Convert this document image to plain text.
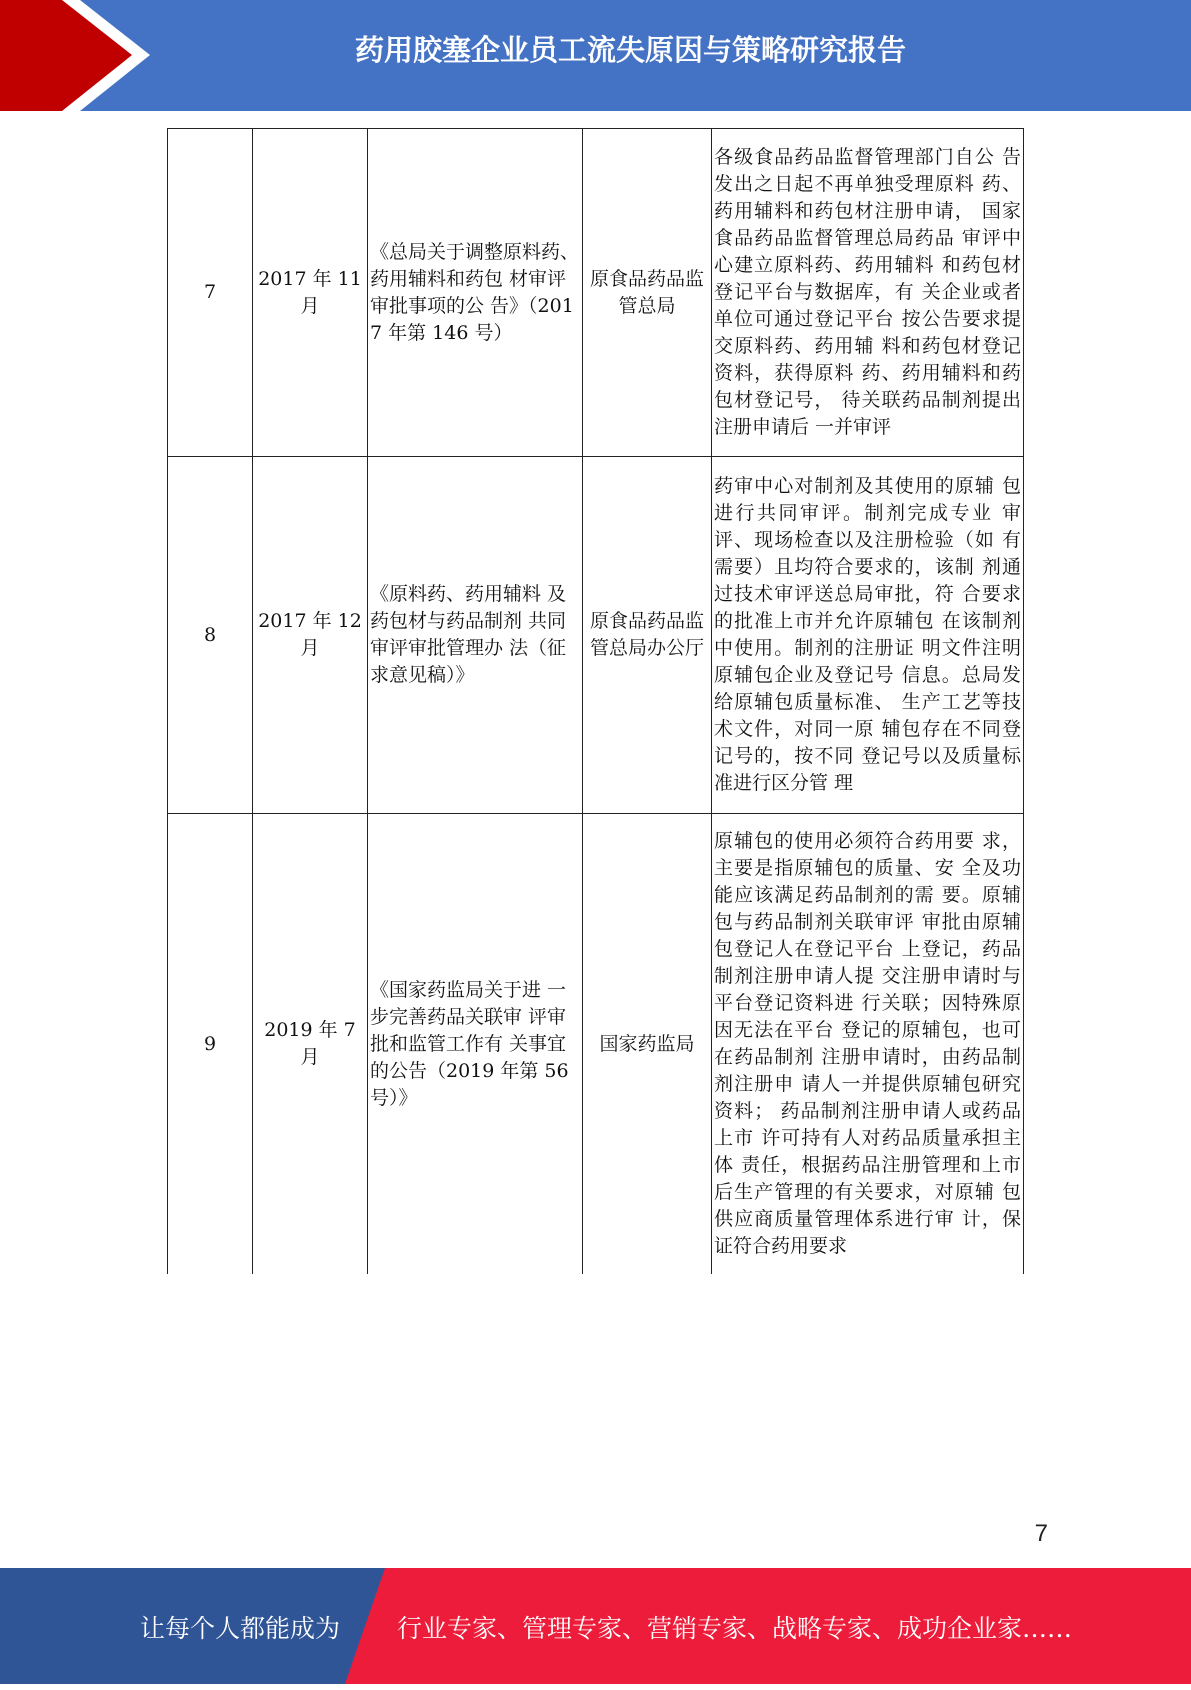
药用胶塞企业员工流失原因与策略研究报告
7	2017 年 11 月	《总局关于调整原料药、药用辅料和药包 材审评审批事项的公 告》（2017 年第 146 号）	原食品药品监管总局	各级食品药品监督管理部门自公 告发出之日起不再单独受理原料 药、药用辅料和药包材注册申请， 国家食品药品监督管理总局药品 审评中心建立原料药、药用辅料 和药包材登记平台与数据库，有 关企业或者单位可通过登记平台 按公告要求提交原料药、药用辅 料和药包材登记资料，获得原料 药、药用辅料和药包材登记号， 待关联药品制剂提出注册申请后 一并审评
8	2017 年 12 月	《原料药、药用辅料 及药包材与药品制剂 共同审评审批管理办 法（征求意见稿）》	原食品药品监管总局办公厅	药审中心对制剂及其使用的原辅 包进行共同审评。制剂完成专业 审评、现场检查以及注册检验（如 有需要）且均符合要求的，该制 剂通过技术审评送总局审批，符 合要求的批准上市并允许原辅包 在该制剂中使用。制剂的注册证 明文件注明原辅包企业及登记号 信息。总局发给原辅包质量标准、 生产工艺等技术文件，对同一原 辅包存在不同登记号的，按不同 登记号以及质量标准进行区分管 理
9	2019 年 7 月	《国家药监局关于进 一步完善药品关联审 评审批和监管工作有 关事宜的公告（2019 年第 56 号）》	国家药监局	原辅包的使用必须符合药用要 求，主要是指原辅包的质量、安 全及功能应该满足药品制剂的需 要。原辅包与药品制剂关联审评 审批由原辅包登记人在登记平台 上登记，药品制剂注册申请人提 交注册申请时与平台登记资料进 行关联；因特殊原因无法在平台 登记的原辅包，也可在药品制剂 注册申请时，由药品制剂注册申 请人一并提供原辅包研究资料； 药品制剂注册申请人或药品上市 许可持有人对药品质量承担主体 责任，根据药品注册管理和上市后生产管理的有关要求，对原辅 包供应商质量管理体系进行审 计，保证符合药用要求
7
让每个人都能成为 行业专家、管理专家、营销专家、战略专家、成功企业家……
